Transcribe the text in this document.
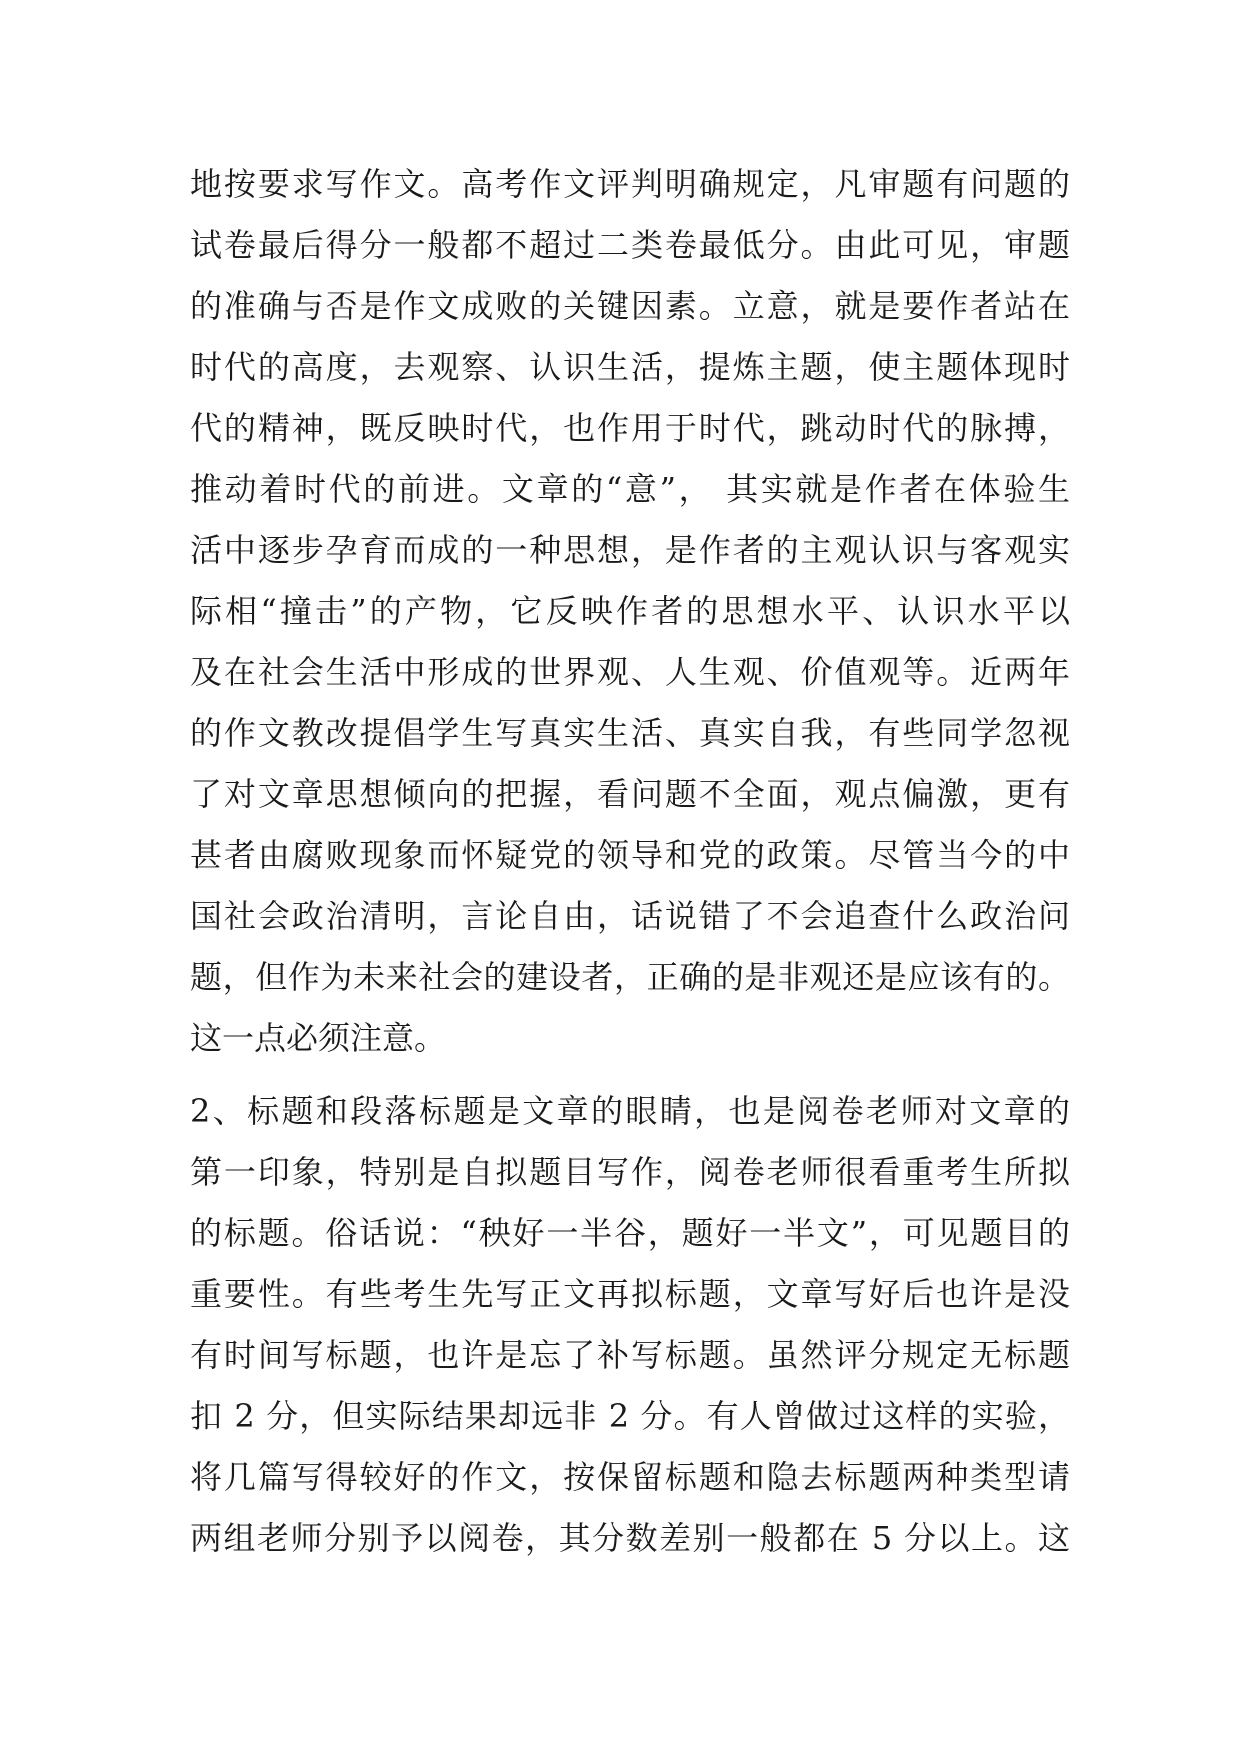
地按要求写作文。高考作文评判明确规定，凡审题有问题的
试卷最后得分一般都不超过二类卷最低分。由此可见，审题
的准确与否是作文成败的关键因素。立意，就是要作者站在
时代的高度，去观察、认识生活，提炼主题，使主题体现时
代的精神，既反映时代，也作用于时代，跳动时代的脉搏，
推动着时代的前进。文章的“意”， 其实就是作者在体验生
活中逐步孕育而成的一种思想，是作者的主观认识与客观实
际相“撞击”的产物，它反映作者的思想水平、认识水平以
及在社会生活中形成的世界观、人生观、价值观等。近两年
的作文教改提倡学生写真实生活、真实自我，有些同学忽视
了对文章思想倾向的把握，看问题不全面，观点偏激，更有
甚者由腐败现象而怀疑党的领导和党的政策。尽管当今的中
国社会政治清明，言论自由，话说错了不会追查什么政治问
题，但作为未来社会的建设者，正确的是非观还是应该有的。
这一点必须注意。
2、标题和段落标题是文章的眼睛，也是阅卷老师对文章的
第一印象，特别是自拟题目写作，阅卷老师很看重考生所拟
的标题。俗话说：“秧好一半谷，题好一半文”，可见题目的
重要性。有些考生先写正文再拟标题，文章写好后也许是没
有时间写标题，也许是忘了补写标题。虽然评分规定无标题
扣 2 分，但实际结果却远非 2 分。有人曾做过这样的实验，
将几篇写得较好的作文，按保留标题和隐去标题两种类型请
两组老师分别予以阅卷，其分数差别一般都在 5 分以上。这
